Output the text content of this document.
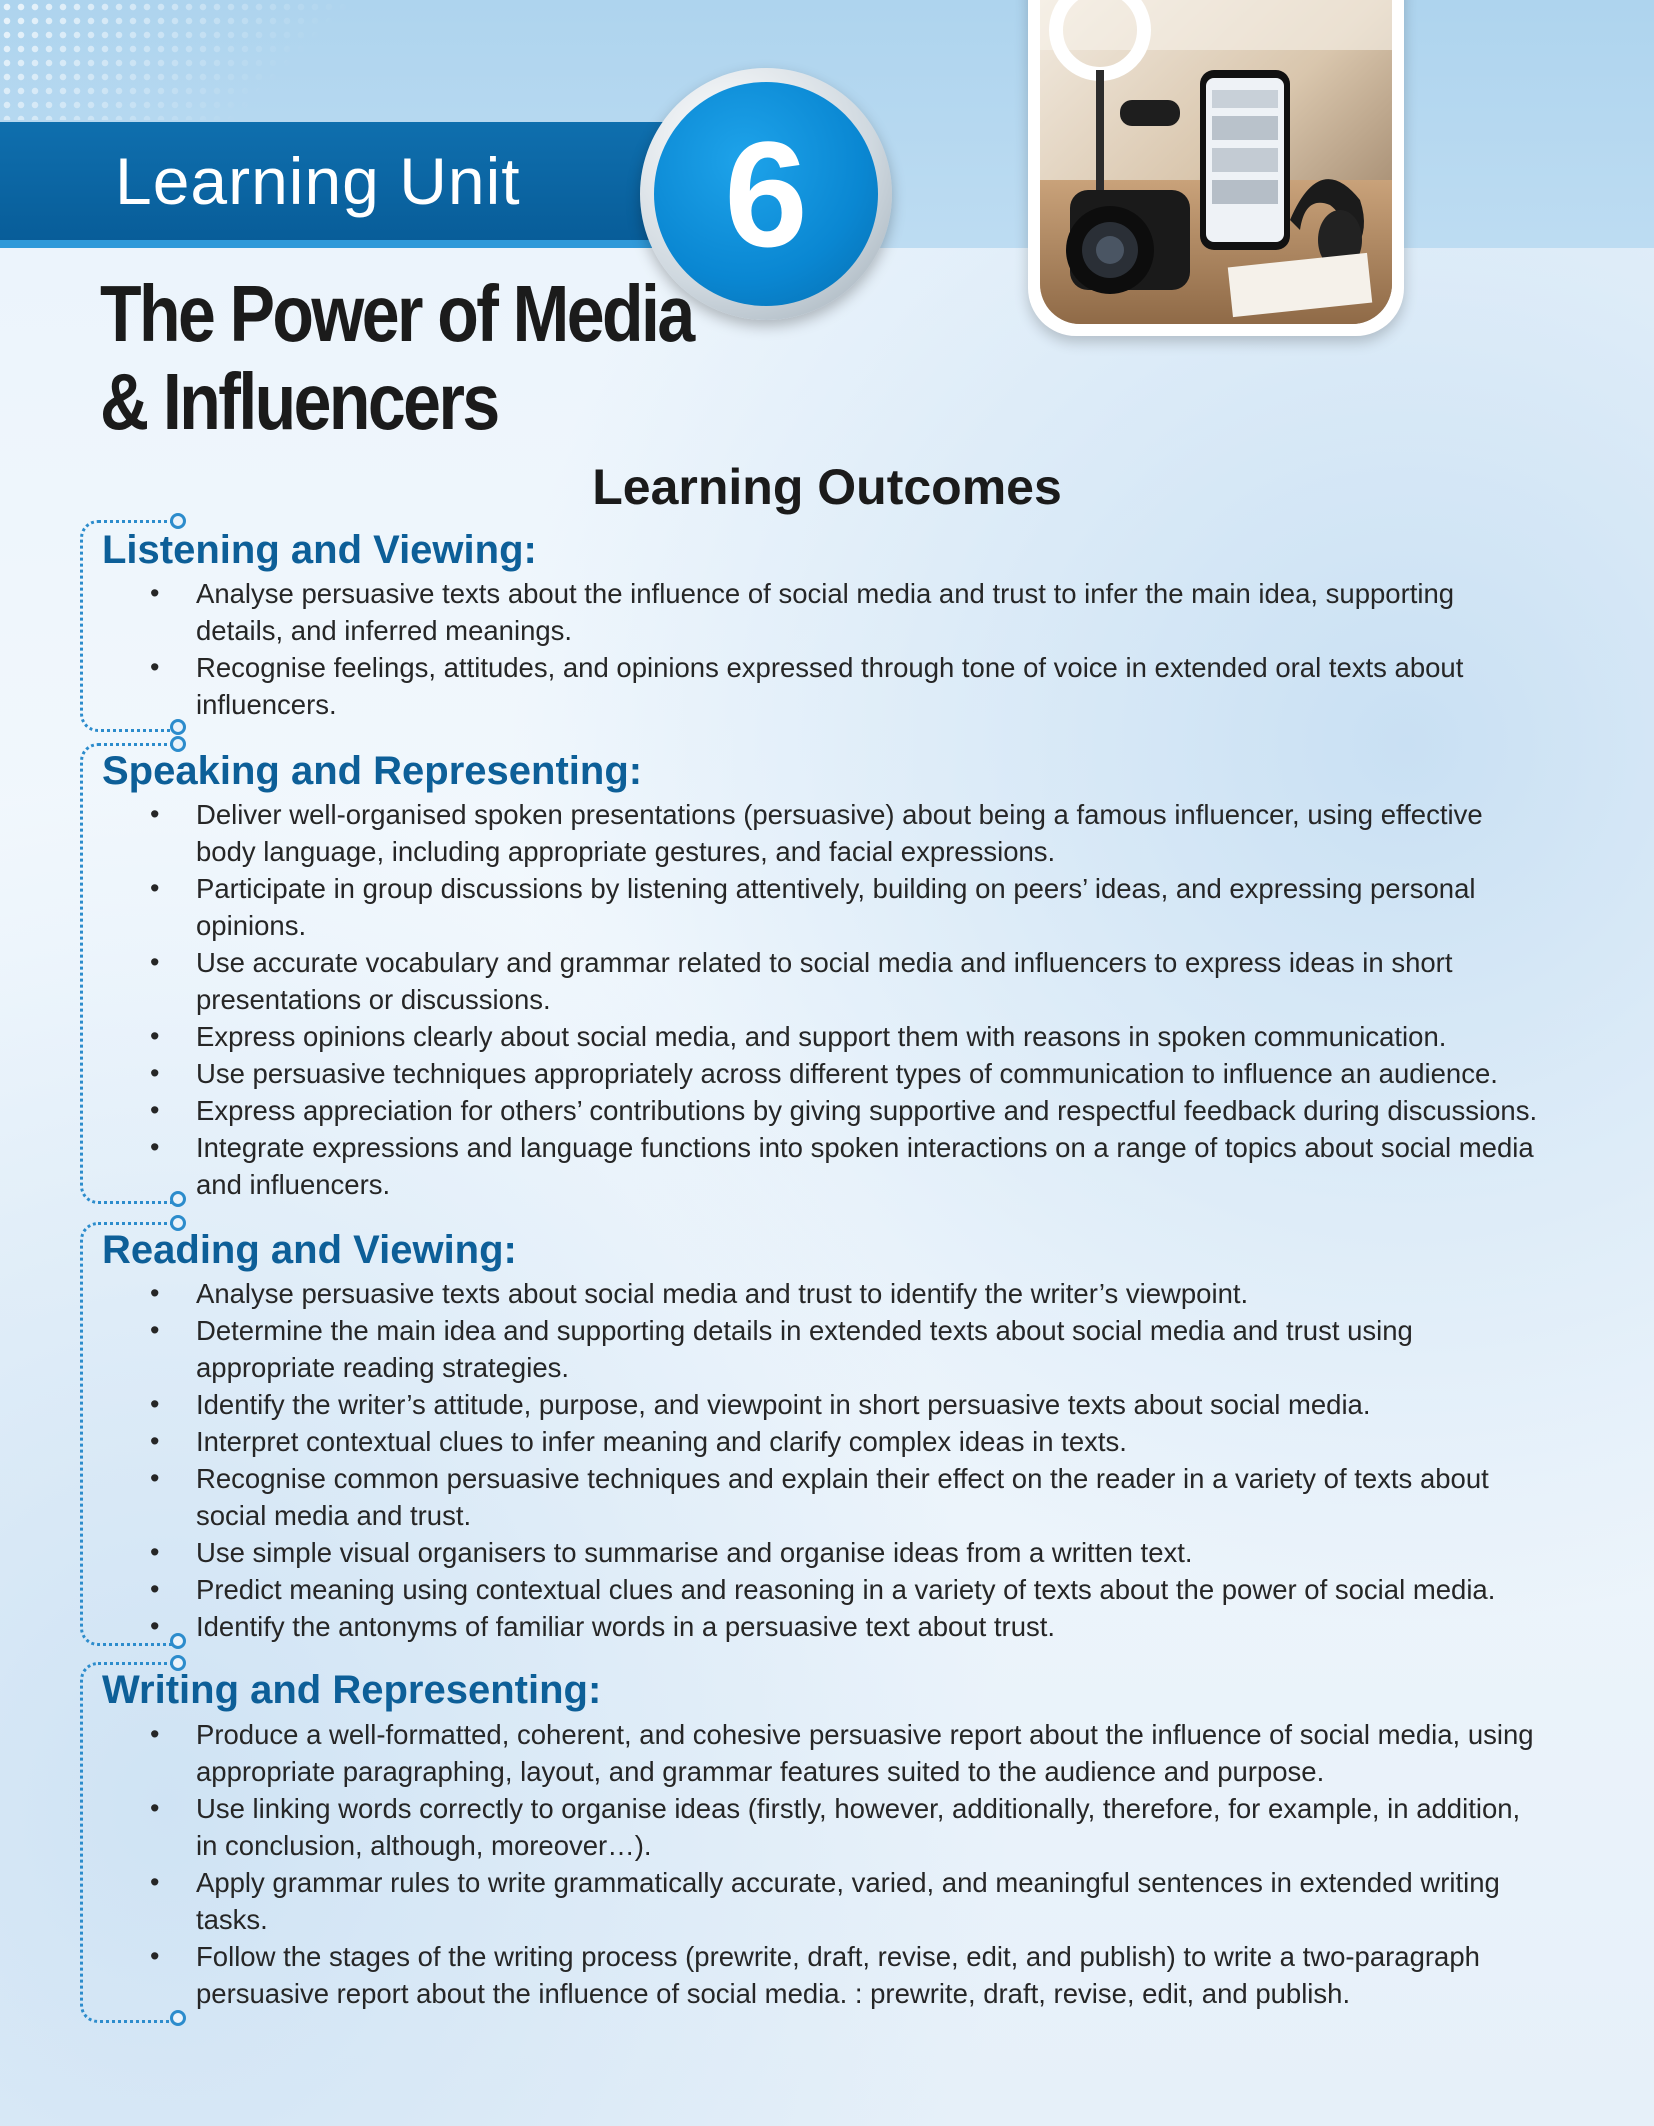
Learning Unit 6
The Power of Media
& Influencers
Learning Outcomes
Listening and Viewing:
• Analyse persuasive texts about the influence of social media and trust to infer the main idea, supporting
details, and inferred meanings.
• Recognise feelings, attitudes, and opinions expressed through tone of voice in extended oral texts about
influencers.
Speaking and Representing:
• Deliver well-organised spoken presentations (persuasive) about being a famous influencer, using effective
body language, including appropriate gestures, and facial expressions.
• Participate in group discussions by listening attentively, building on peers’ ideas, and expressing personal
opinions.
• Use accurate vocabulary and grammar related to social media and influencers to express ideas in short
presentations or discussions.
• Express opinions clearly about social media, and support them with reasons in spoken communication.
• Use persuasive techniques appropriately across different types of communication to influence an audience.
• Express appreciation for others’ contributions by giving supportive and respectful feedback during discussions.
• Integrate expressions and language functions into spoken interactions on a range of topics about social media
and influencers.
Reading and Viewing:
• Analyse persuasive texts about social media and trust to identify the writer’s viewpoint.
• Determine the main idea and supporting details in extended texts about social media and trust using
appropriate reading strategies.
• Identify the writer’s attitude, purpose, and viewpoint in short persuasive texts about social media.
• Interpret contextual clues to infer meaning and clarify complex ideas in texts.
• Recognise common persuasive techniques and explain their effect on the reader in a variety of texts about
social media and trust.
• Use simple visual organisers to summarise and organise ideas from a written text.
• Predict meaning using contextual clues and reasoning in a variety of texts about the power of social media.
• Identify the antonyms of familiar words in a persuasive text about trust.
Writing and Representing:
• Produce a well-formatted, coherent, and cohesive persuasive report about the influence of social media, using
appropriate paragraphing, layout, and grammar features suited to the audience and purpose.
• Use linking words correctly to organise ideas (firstly, however, additionally, therefore, for example, in addition,
in conclusion, although, moreover…).
• Apply grammar rules to write grammatically accurate, varied, and meaningful sentences in extended writing
tasks.
• Follow the stages of the writing process (prewrite, draft, revise, edit, and publish) to write a two-paragraph
persuasive report about the influence of social media. : prewrite, draft, revise, edit, and publish.
